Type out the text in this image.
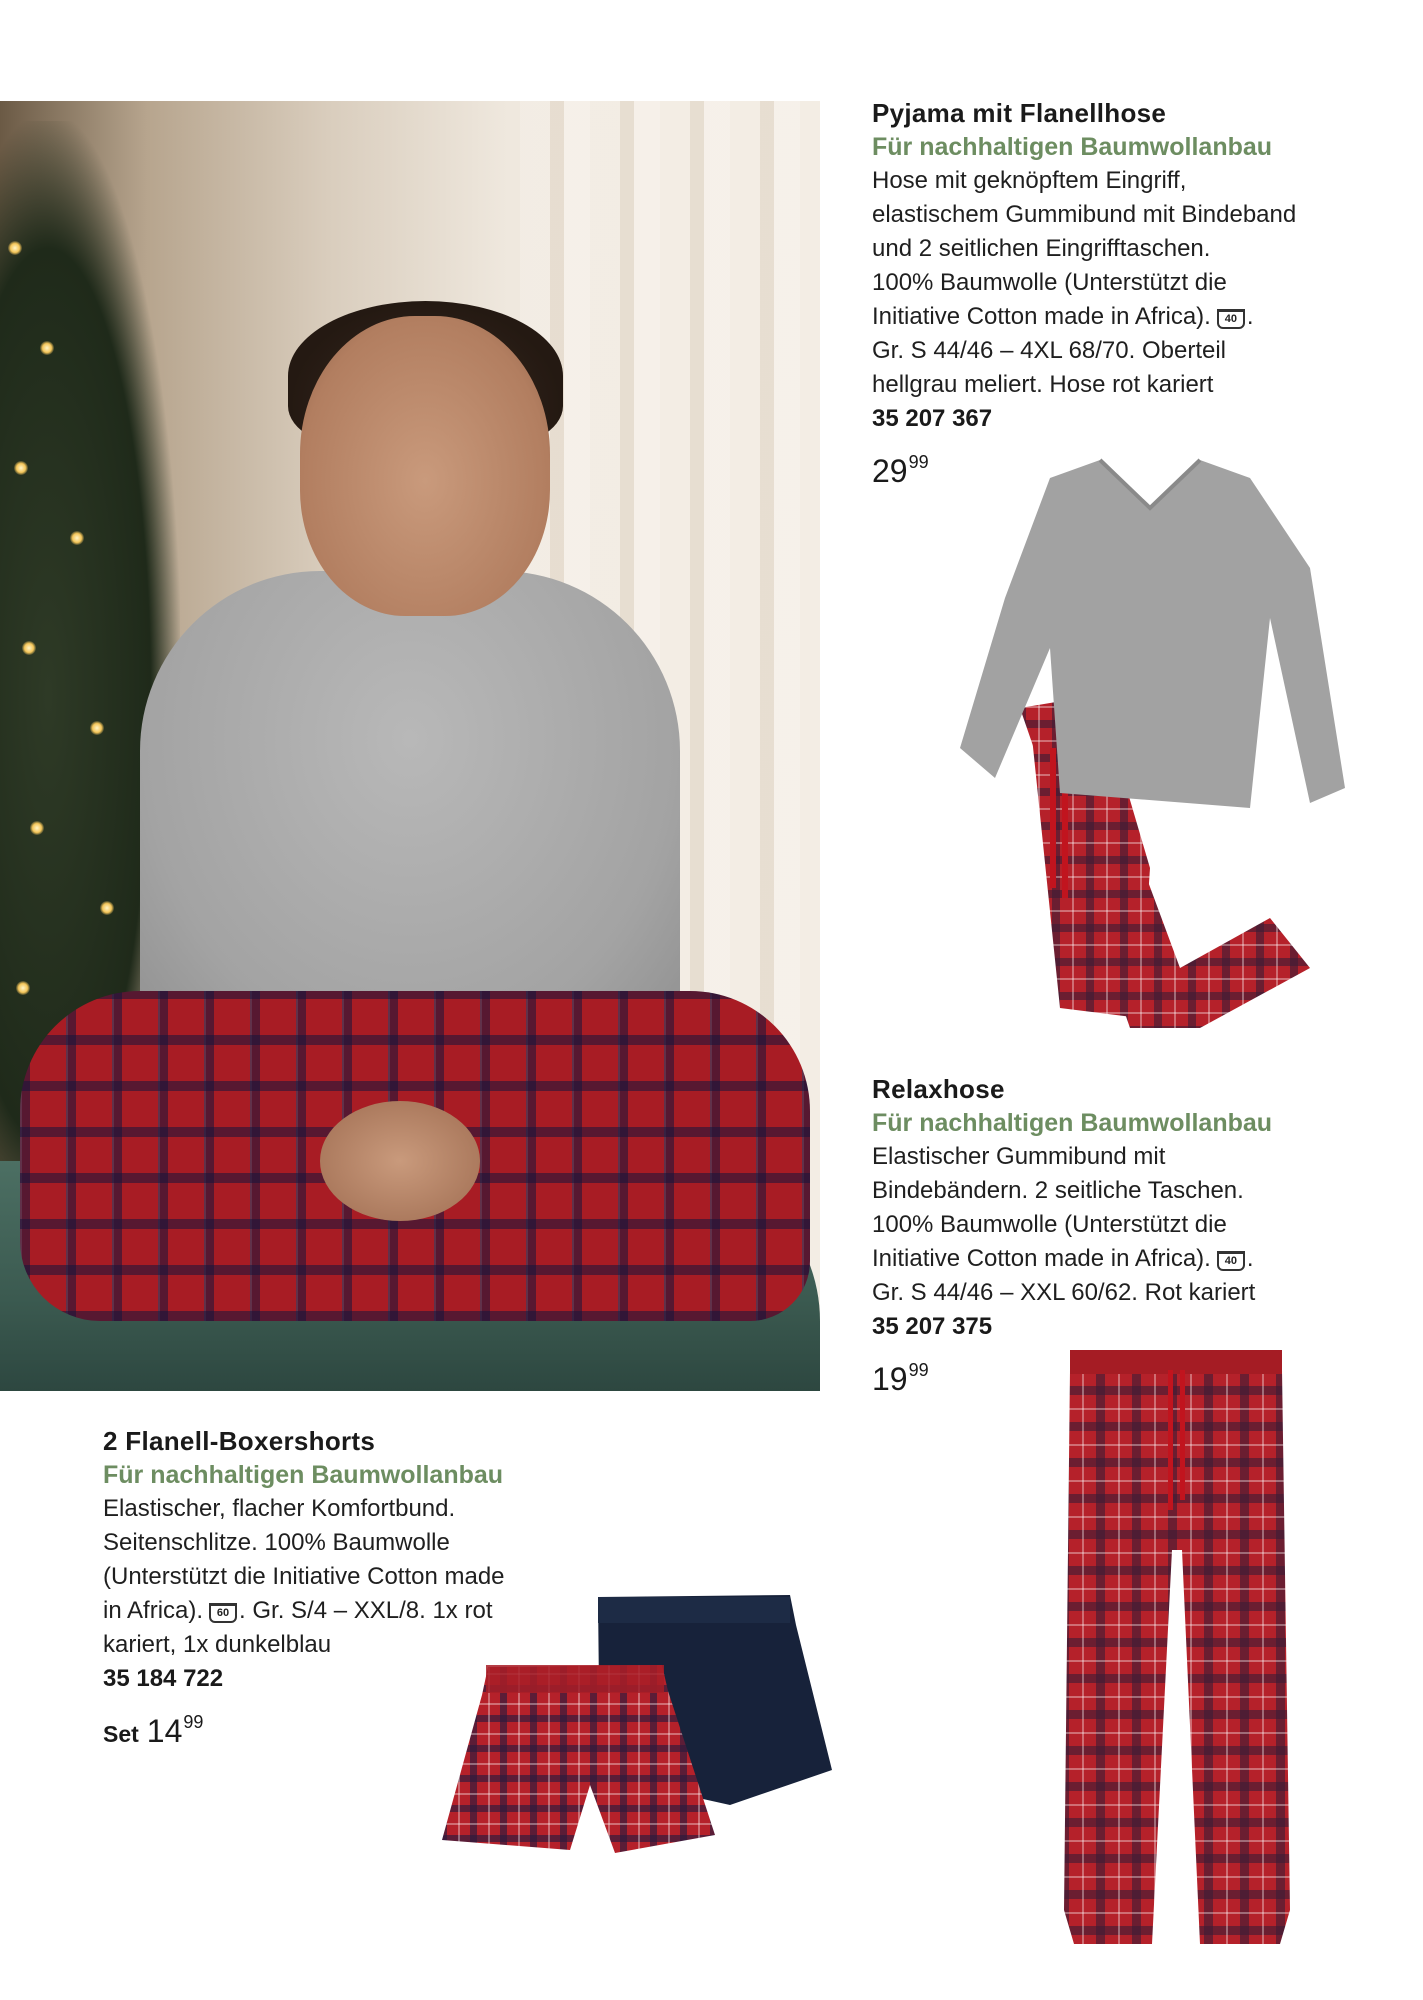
Pyjama mit Flanellhose
Für nachhaltigen Baumwollanbau
Hose mit geknöpftem Eingriff,
elastischem Gummibund mit Bindeband
und 2 seitlichen Eingrifftaschen.
100% Baumwolle (Unterstützt die
Initiative Cotton made in Africa). 40 .
Gr. S 44/46 – 4XL 68/70. Oberteil
hellgrau meliert. Hose rot kariert
35 207 367
$29^{99}$
Relaxhose
Für nachhaltigen Baumwollanbau
Elastischer Gummibund mit
Bindebändern. 2 seitliche Taschen.
100% Baumwolle (Unterstützt die
Initiative Cotton made in Africa). 40 .
Gr. S 44/46 – XXL 60/62. Rot kariert
35 207 375
$19^{99}$
2 Flanell-Boxershorts
Für nachhaltigen Baumwollanbau
Elastischer, flacher Komfortbund.
Seitenschlitze. 100% Baumwolle
(Unterstützt die Initiative Cotton made
in Africa). 60 . Gr. S/4 – XXL/8. 1x rot
kariert, 1x dunkelblau
35 184 722
Set $14^{99}$
